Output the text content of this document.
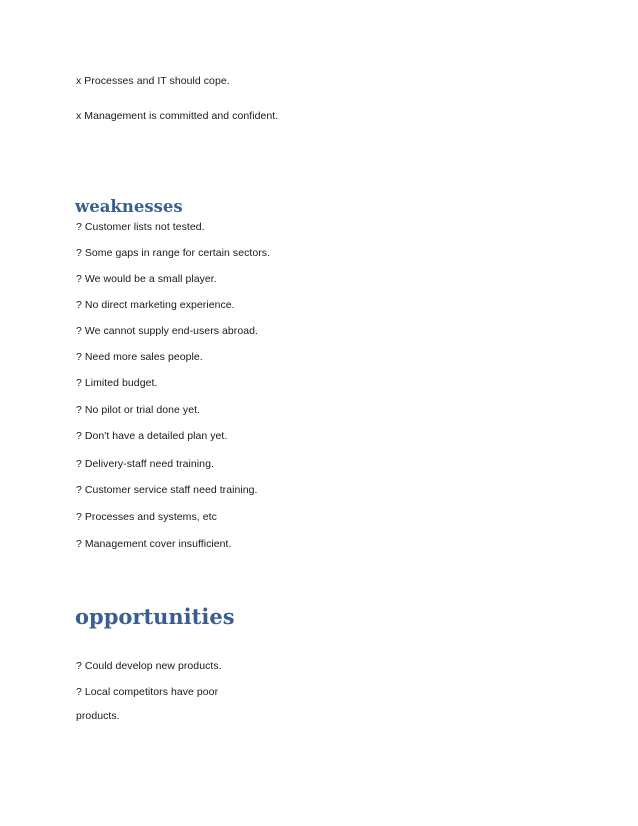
x Processes and IT should cope.
x Management is committed and confident.
weaknesses
? Customer lists not tested.
? Some gaps in range for certain sectors.
? We would be a small player.
? No direct marketing experience.
? We cannot supply end-users abroad.
? Need more sales people.
? Limited budget.
? No pilot or trial done yet.
? Don't have a detailed plan yet.
? Delivery-staff need training.
? Customer service staff need training.
? Processes and systems, etc
? Management cover insufficient.
opportunities
? Could develop new products.
? Local competitors have poor
products.
